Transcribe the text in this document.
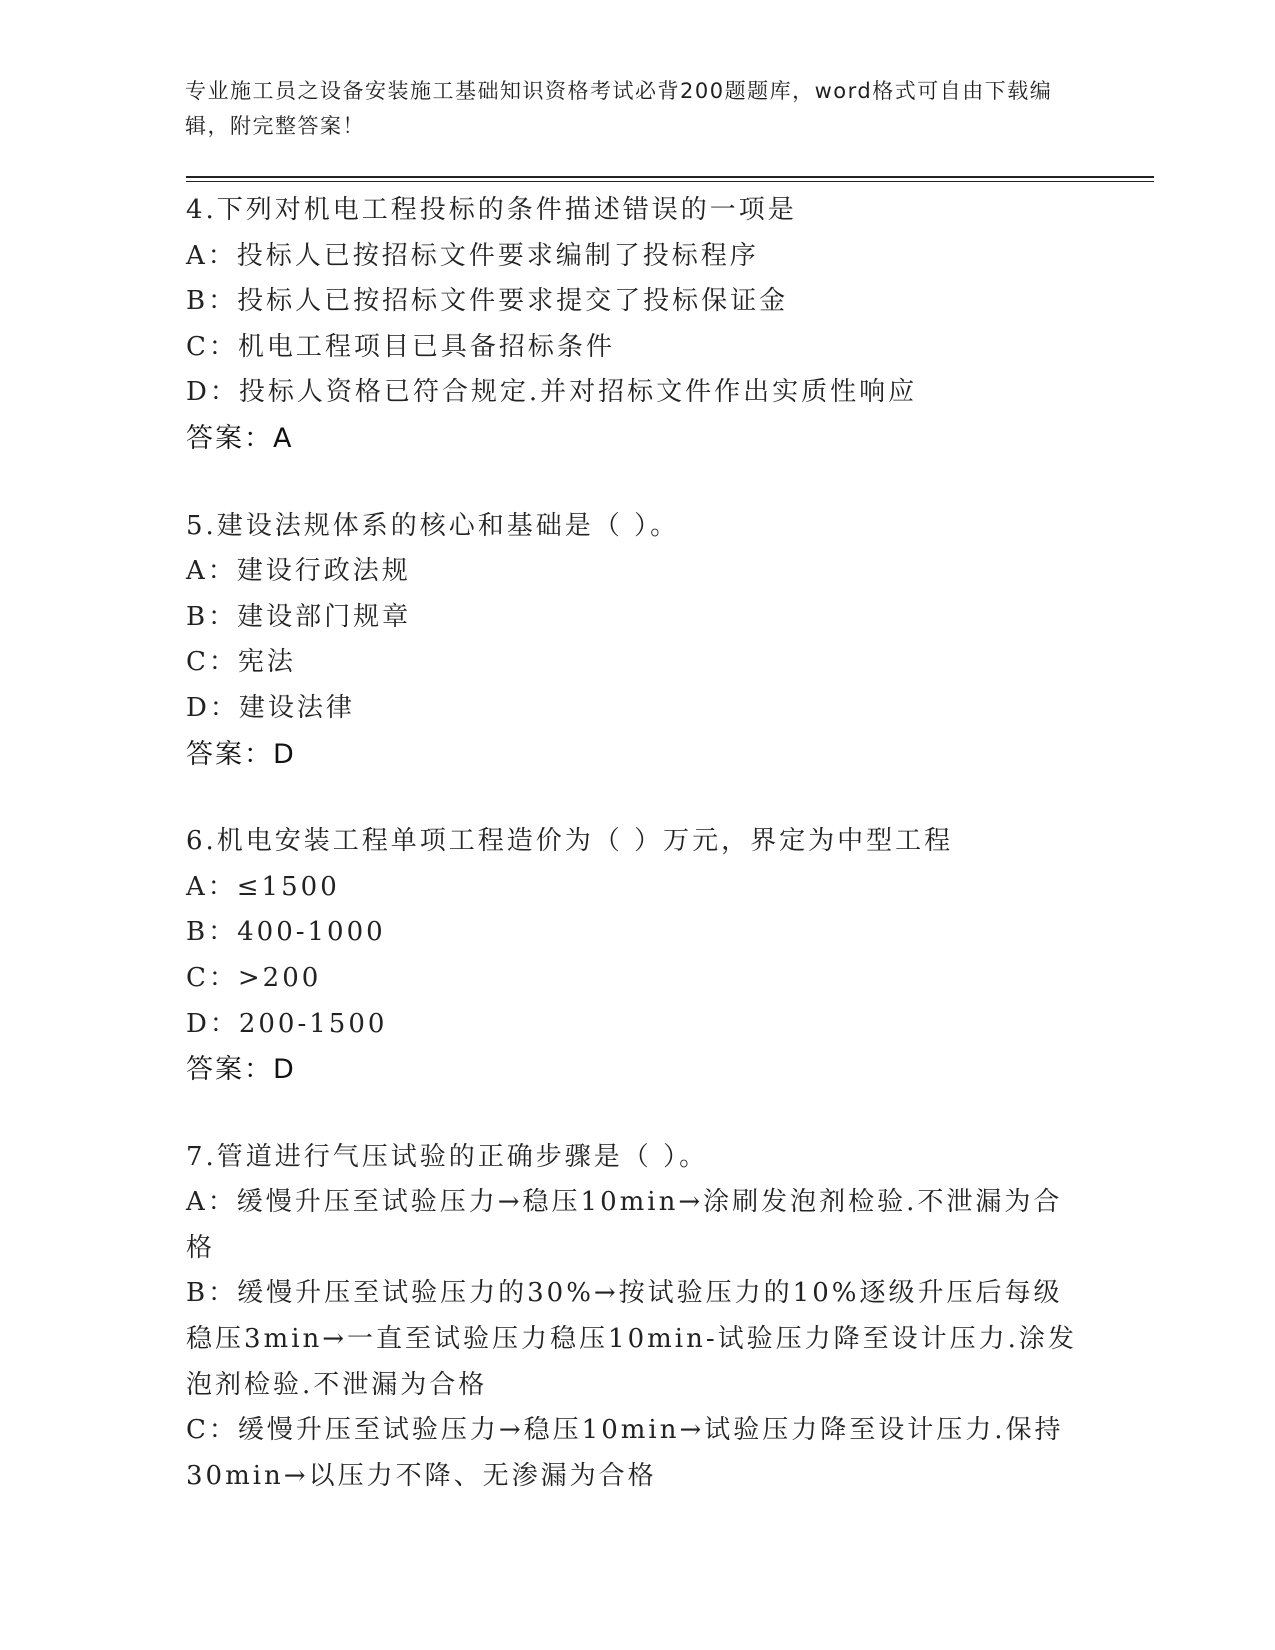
专业施工员之设备安装施工基础知识资格考试必背200题题库，word格式可自由下载编辑，附完整答案！
4.下列对机电工程投标的条件描述错误的一项是
A：投标人已按招标文件要求编制了投标程序
B：投标人已按招标文件要求提交了投标保证金
C：机电工程项目已具备招标条件
D：投标人资格已符合规定.并对招标文件作出实质性响应
答案：A
5.建设法规体系的核心和基础是（ ）。
A：建设行政法规
B：建设部门规章
C：宪法
D：建设法律
答案：D
6.机电安装工程单项工程造价为（ ）万元，界定为中型工程
A：≤1500
B：400-1000
C：>200
D：200-1500
答案：D
7.管道进行气压试验的正确步骤是（ ）。
A：缓慢升压至试验压力→稳压10min→涂刷发泡剂检验.不泄漏为合格
B：缓慢升压至试验压力的30%→按试验压力的10%逐级升压后每级稳压3min→一直至试验压力稳压10min-试验压力降至设计压力.涂发泡剂检验.不泄漏为合格
C：缓慢升压至试验压力→稳压10min→试验压力降至设计压力.保持30min→以压力不降、无渗漏为合格
